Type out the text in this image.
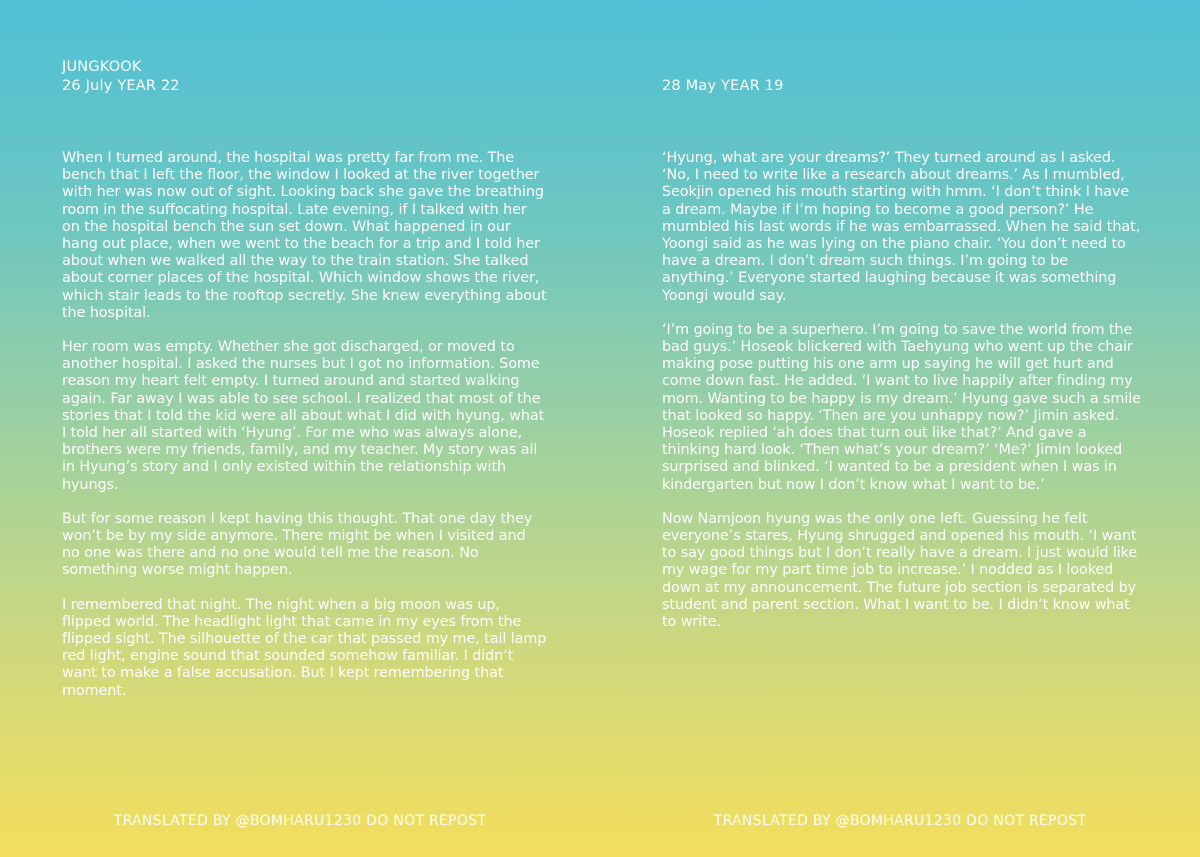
JUNGKOOK
26 July YEAR 22

When I turned around, the hospital was pretty far from me. The bench that I left the floor, the window I looked at the river together with her was now out of sight. Looking back she gave the breathing room in the suffocating hospital. Late evening, if I talked with her on the hospital bench the sun set down. What happened in our hang out place, when we went to the beach for a trip and I told her about when we walked all the way to the train station. She talked about corner places of the hospital. Which window shows the river, which stair leads to the rooftop secretly. She knew everything about the hospital.

Her room was empty. Whether she got discharged, or moved to another hospital. I asked the nurses but I got no information. Some reason my heart felt empty. I turned around and started walking again. Far away I was able to see school. I realized that most of the stories that I told the kid were all about what I did with hyung, what I told her all started with ‘Hyung’. For me who was always alone, brothers were my friends, family, and my teacher. My story was all in Hyung’s story and I only existed within the relationship with hyungs.

But for some reason I kept having this thought. That one day they won’t be by my side anymore. There might be when I visited and no one was there and no one would tell me the reason. No something worse might happen.

I remembered that night. The night when a big moon was up, flipped world. The headlight light that came in my eyes from the flipped sight. The silhouette of the car that passed my me, tail lamp red light, engine sound that sounded somehow familiar. I didn’t want to make a false accusation. But I kept remembering that moment.

TRANSLATED BY @BOMHARU1230 DO NOT REPOST
28 May YEAR 19

‘Hyung, what are your dreams?’ They turned around as I asked. ‘No, I need to write like a research about dreams.’ As I mumbled, Seokjin opened his mouth starting with hmm. ‘I don’t think I have a dream. Maybe if I’m hoping to become a good person?’ He mumbled his last words if he was embarrassed. When he said that, Yoongi said as he was lying on the piano chair. ‘You don’t need to have a dream. I don’t dream such things. I’m going to be anything.’ Everyone started laughing because it was something Yoongi would say.

‘I’m going to be a superhero. I’m going to save the world from the bad guys.’ Hoseok blickered with Taehyung who went up the chair making pose putting his one arm up saying he will get hurt and come down fast. He added. ‘I want to live happily after finding my mom. Wanting to be happy is my dream.’ Hyung gave such a smile that looked so happy. ‘Then are you unhappy now?’ Jimin asked. Hoseok replied ‘ah does that turn out like that?’ And gave a thinking hard look. ‘Then what’s your dream?’ ‘Me?’ Jimin looked surprised and blinked. ‘I wanted to be a president when I was in kindergarten but now I don’t know what I want to be.’

Now Namjoon hyung was the only one left. Guessing he felt everyone’s stares, Hyung shrugged and opened his mouth. ‘I want to say good things but I don’t really have a dream. I just would like my wage for my part time job to increase.’ I nodded as I looked down at my announcement. The future job section is separated by student and parent section. What I want to be. I didn’t know what to write.

TRANSLATED BY @BOMHARU1230 DO NOT REPOST
